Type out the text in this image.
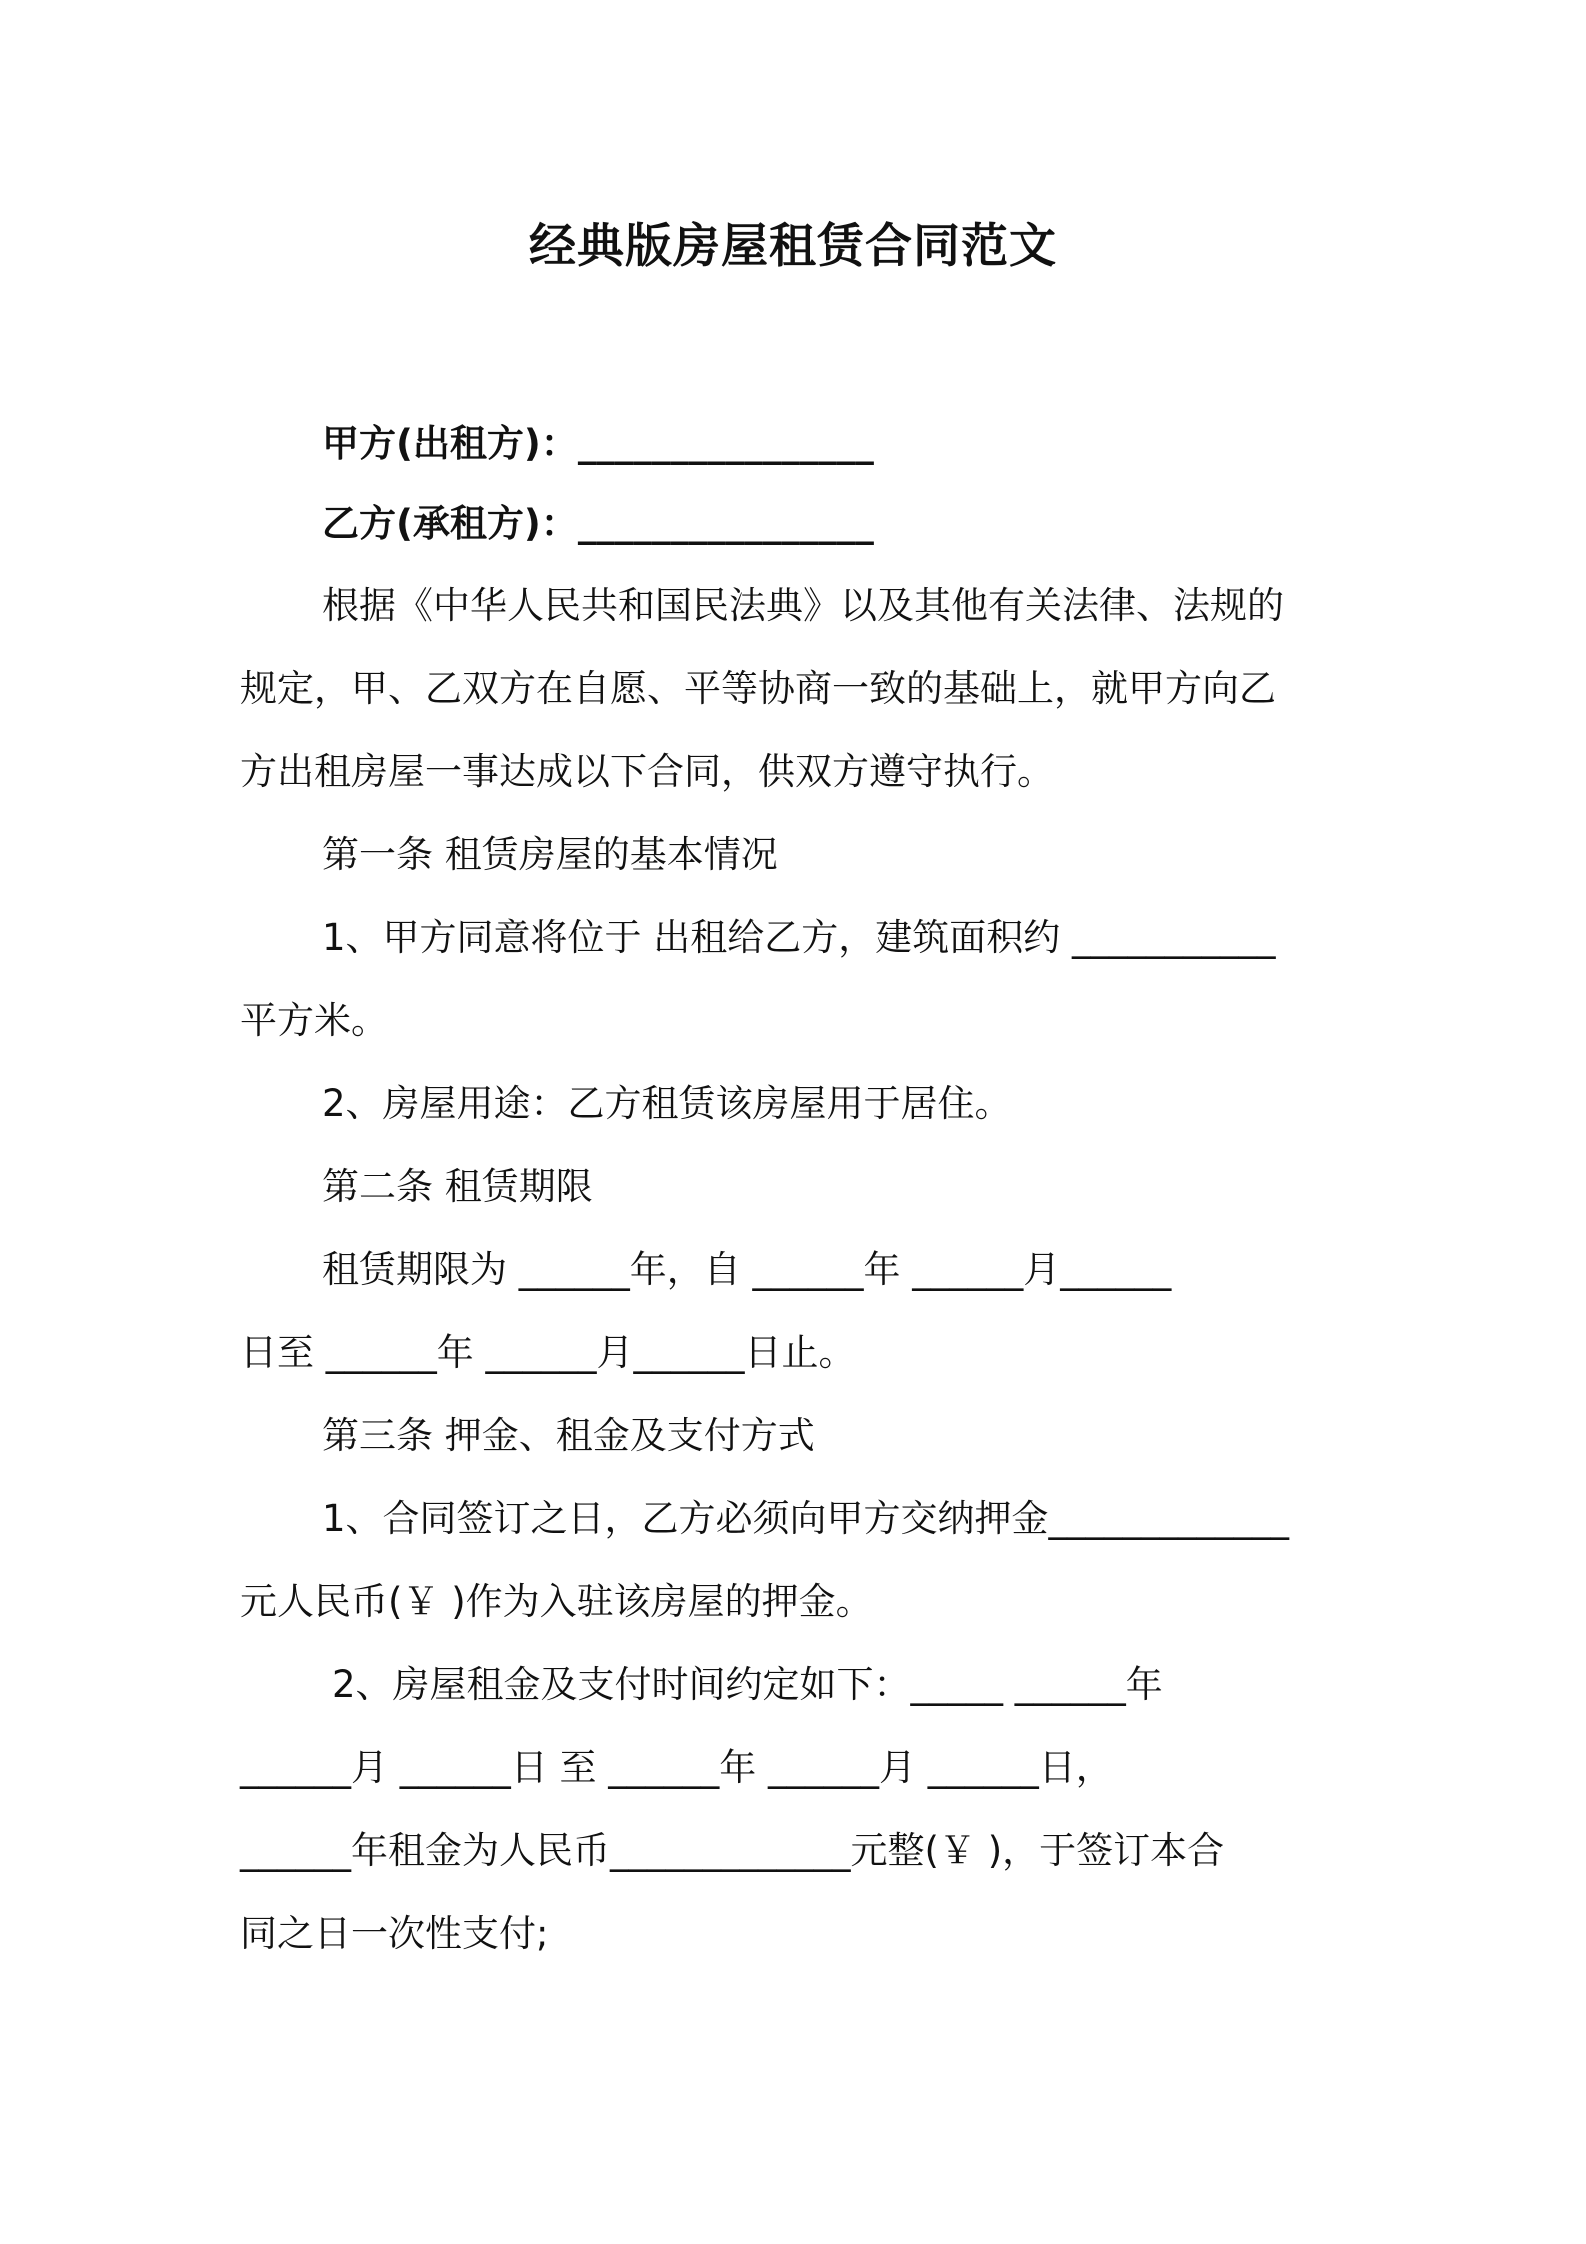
经典版房屋租赁合同范文

甲方(出租方)：________________

乙方(承租方)：________________

根据《中华人民共和国民法典》以及其他有关法律、法规的

规定，甲、乙双方在自愿、平等协商一致的基础上，就甲方向乙

方出租房屋一事达成以下合同，供双方遵守执行。

第一条 租赁房屋的基本情况

1、甲方同意将位于 出租给乙方，建筑面积约 ___________

平方米。

2、房屋用途：乙方租赁该房屋用于居住。

第二条 租赁期限

租赁期限为 ______年，自 ______年 ______月______

日至 ______年 ______月______日止。

第三条 押金、租金及支付方式

1、合同签订之日，乙方必须向甲方交纳押金_____________

元人民币(￥ )作为入驻该房屋的押金。

2、房屋租金及支付时间约定如下：_____ ______年

______月 ______日 至 ______年 ______月 ______日，

______年租金为人民币_____________元整(￥ )，于签订本合

同之日一次性支付;
